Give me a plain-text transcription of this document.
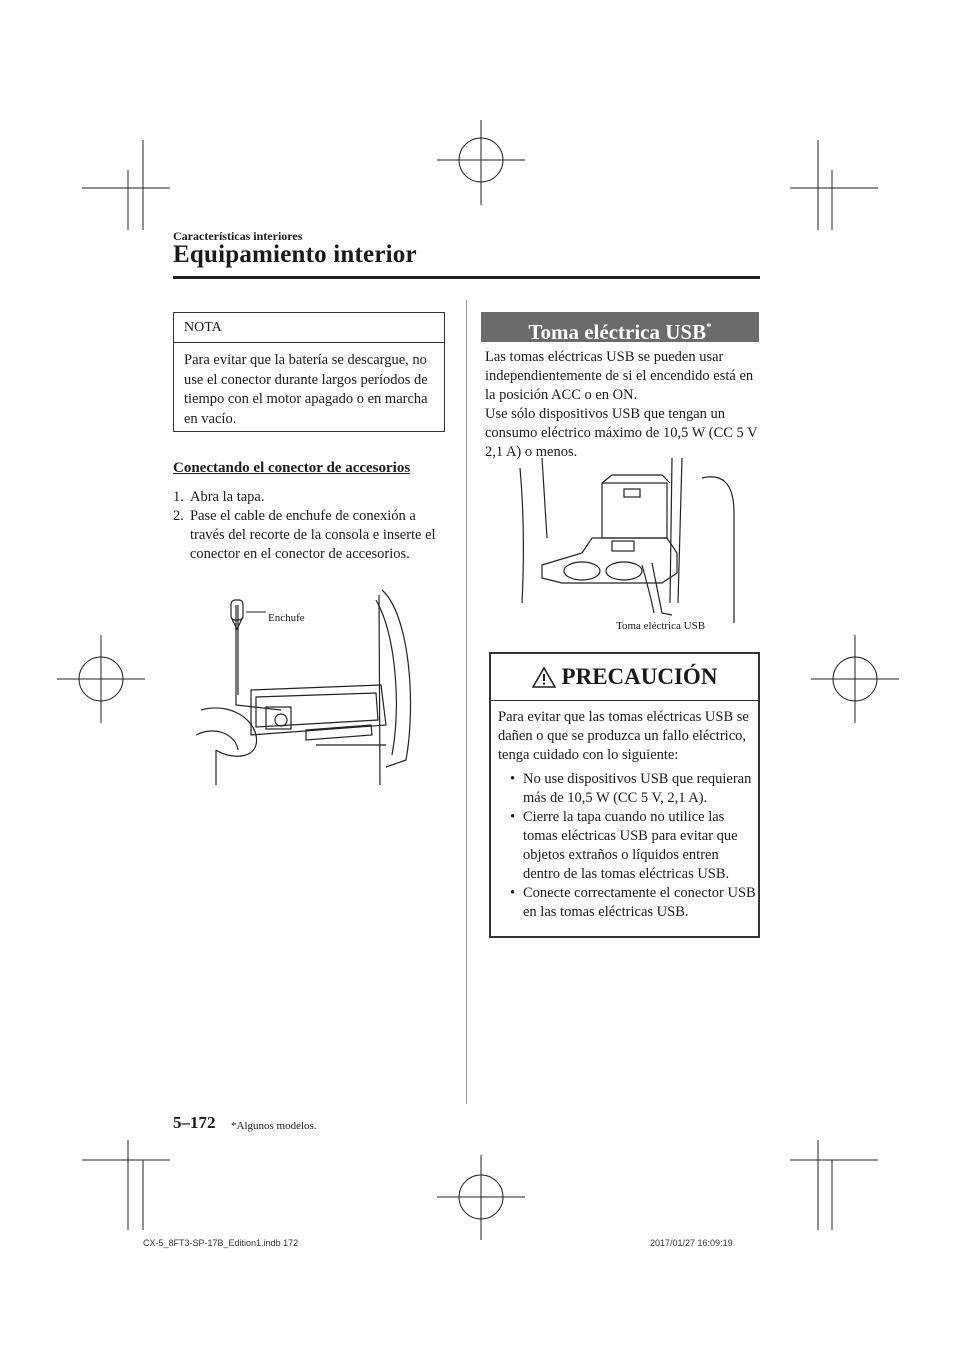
Características interiores
Equipamiento interior
NOTA
Para evitar que la batería se descargue, no use el conector durante largos períodos de tiempo con el motor apagado o en marcha en vacío.
Conectando el conector de accesorios
1. Abra la tapa.
2. Pase el cable de enchufe de conexión a través del recorte de la consola e inserte el conector en el conector de accesorios.
Enchufe
Toma eléctrica USB*
Las tomas eléctricas USB se pueden usar independientemente de si el encendido está en la posición ACC o en ON.
Use sólo dispositivos USB que tengan un consumo eléctrico máximo de 10,5 W (CC 5 V 2,1 A) o menos.
Toma eléctrica USB
PRECAUCIÓN
Para evitar que las tomas eléctricas USB se dañen o que se produzca un fallo eléctrico, tenga cuidado con lo siguiente:
• No use dispositivos USB que requieran más de 10,5 W (CC 5 V, 2,1 A).
• Cierre la tapa cuando no utilice las tomas eléctricas USB para evitar que objetos extraños o líquidos entren dentro de las tomas eléctricas USB.
• Conecte correctamente el conector USB en las tomas eléctricas USB.
5–172 *Algunos modelos.
CX-5_8FT3-SP-17B_Edition1.indb 172	2017/01/27 16:09:19
